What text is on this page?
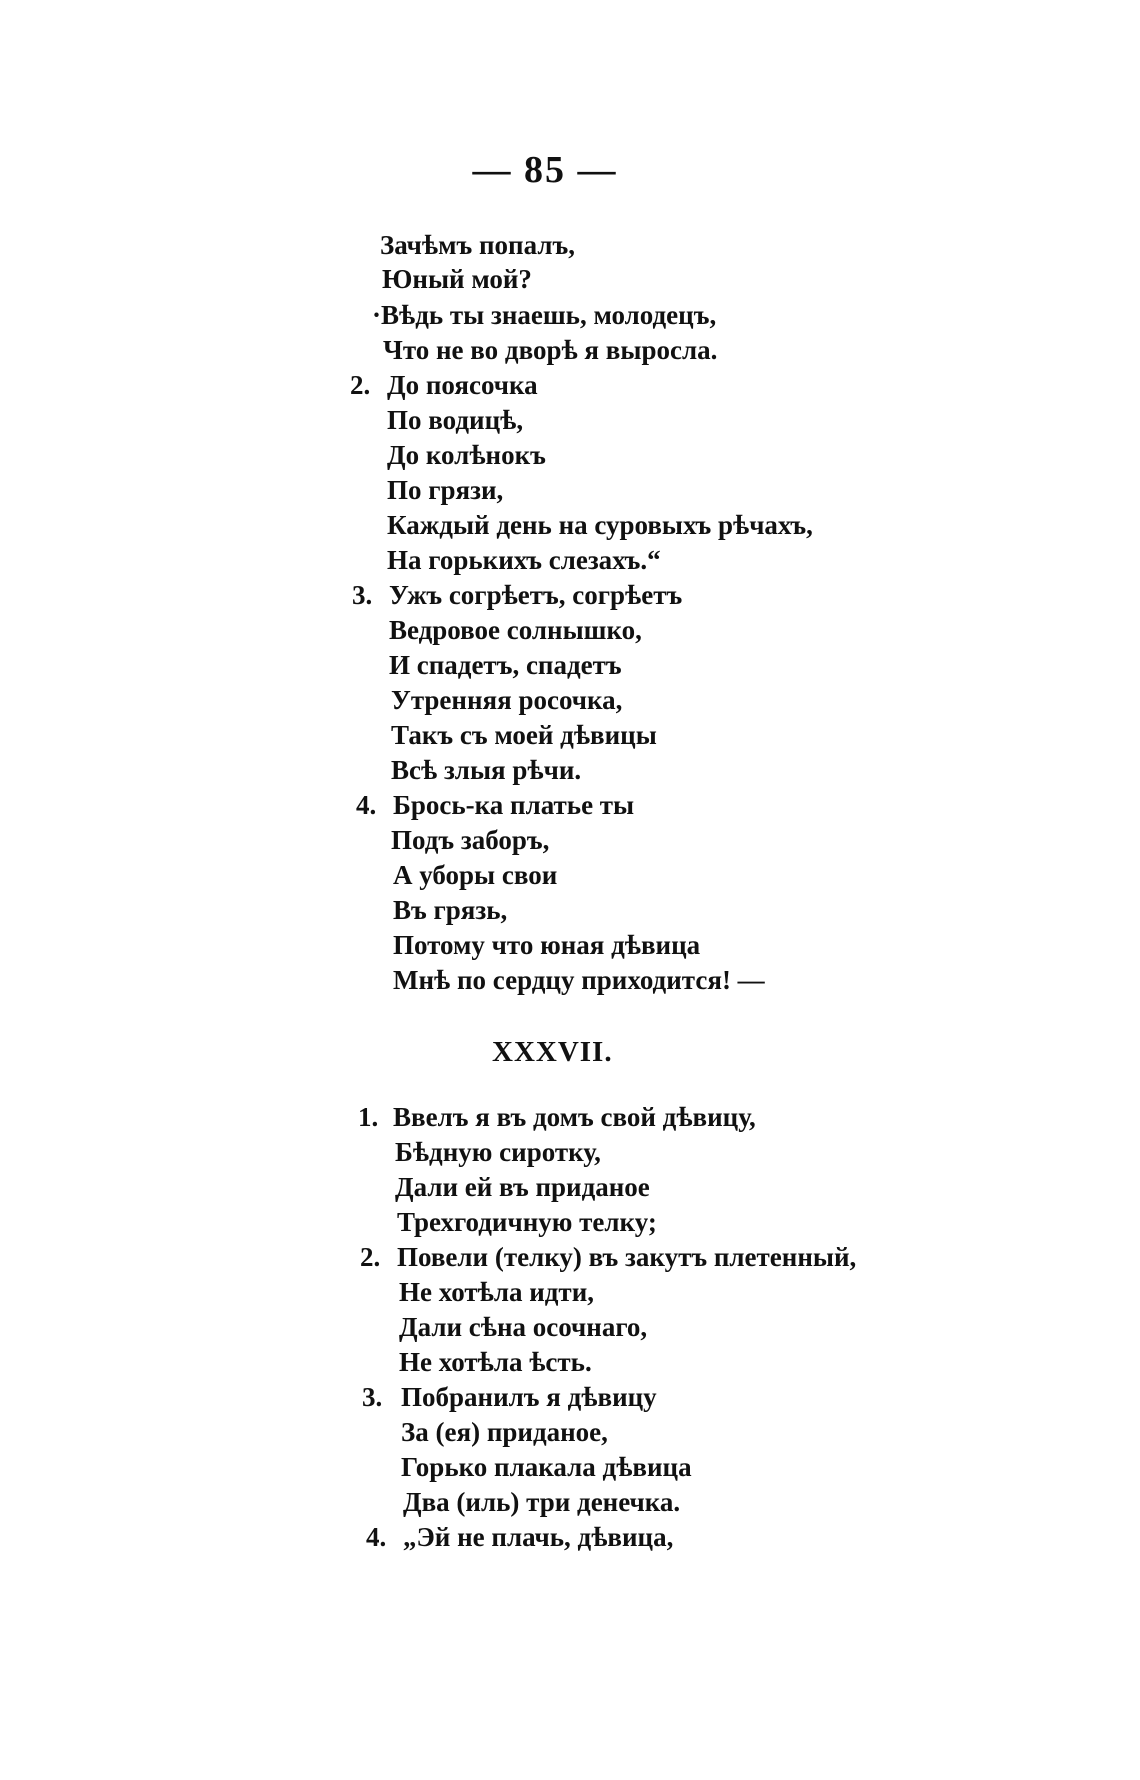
— 85 —
Зачѣмъ попалъ,
Юный мой?
·Вѣдь ты знаешь, молодецъ,
Что не во дворѣ я выросла.
2. До поясочка
По водицѣ,
До колѣнокъ
По грязи,
Каждый день на суровыхъ рѣчахъ,
На горькихъ слезахъ.“
3. Ужъ согрѣетъ, согрѣетъ
Ведровое солнышко,
И спадетъ, спадетъ
Утренняя росочка,
Такъ съ моей дѣвицы
Всѣ злыя рѣчи.
4. Брось-ка платье ты
Подъ заборъ,
А уборы свои
Въ грязь,
Потому что юная дѣвица
Мнѣ по сердцу приходится! —
XXXVII.
1. Ввелъ я въ домъ свой дѣвицу,
Бѣдную сиротку,
Дали ей въ приданое
Трехгодичную телку;
2. Повели (телку) въ закутъ плетенный,
Не хотѣла идти,
Дали сѣна осочнаго,
Не хотѣла ѣсть.
3. Побранилъ я дѣвицу
За (ея) приданое,
Горько плакала дѣвица
Два (иль) три денечка.
4. „Эй не плачь, дѣвица,
